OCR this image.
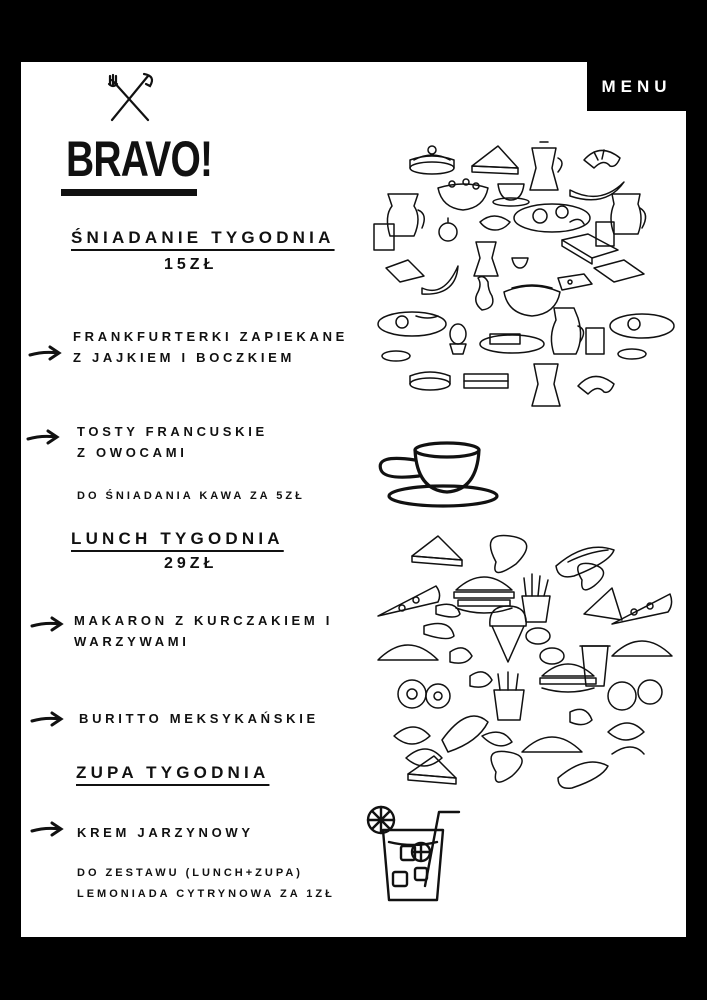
MENU
BRAVO!
ŚNIADANIE TYGODNIA
15ZŁ
FRANKFURTERKI ZAPIEKANE
Z JAJKIEM I BOCZKIEM
TOSTY FRANCUSKIE
Z OWOCAMI
DO ŚNIADANIA KAWA ZA 5ZŁ
LUNCH TYGODNIA
29ZŁ
MAKARON Z KURCZAKIEM I
WARZYWAMI
BURITTO MEKSYKAŃSKIE
ZUPA TYGODNIA
KREM JARZYNOWY
DO ZESTAWU (LUNCH+ZUPA)
LEMONIADA CYTRYNOWA ZA 1ZŁ
